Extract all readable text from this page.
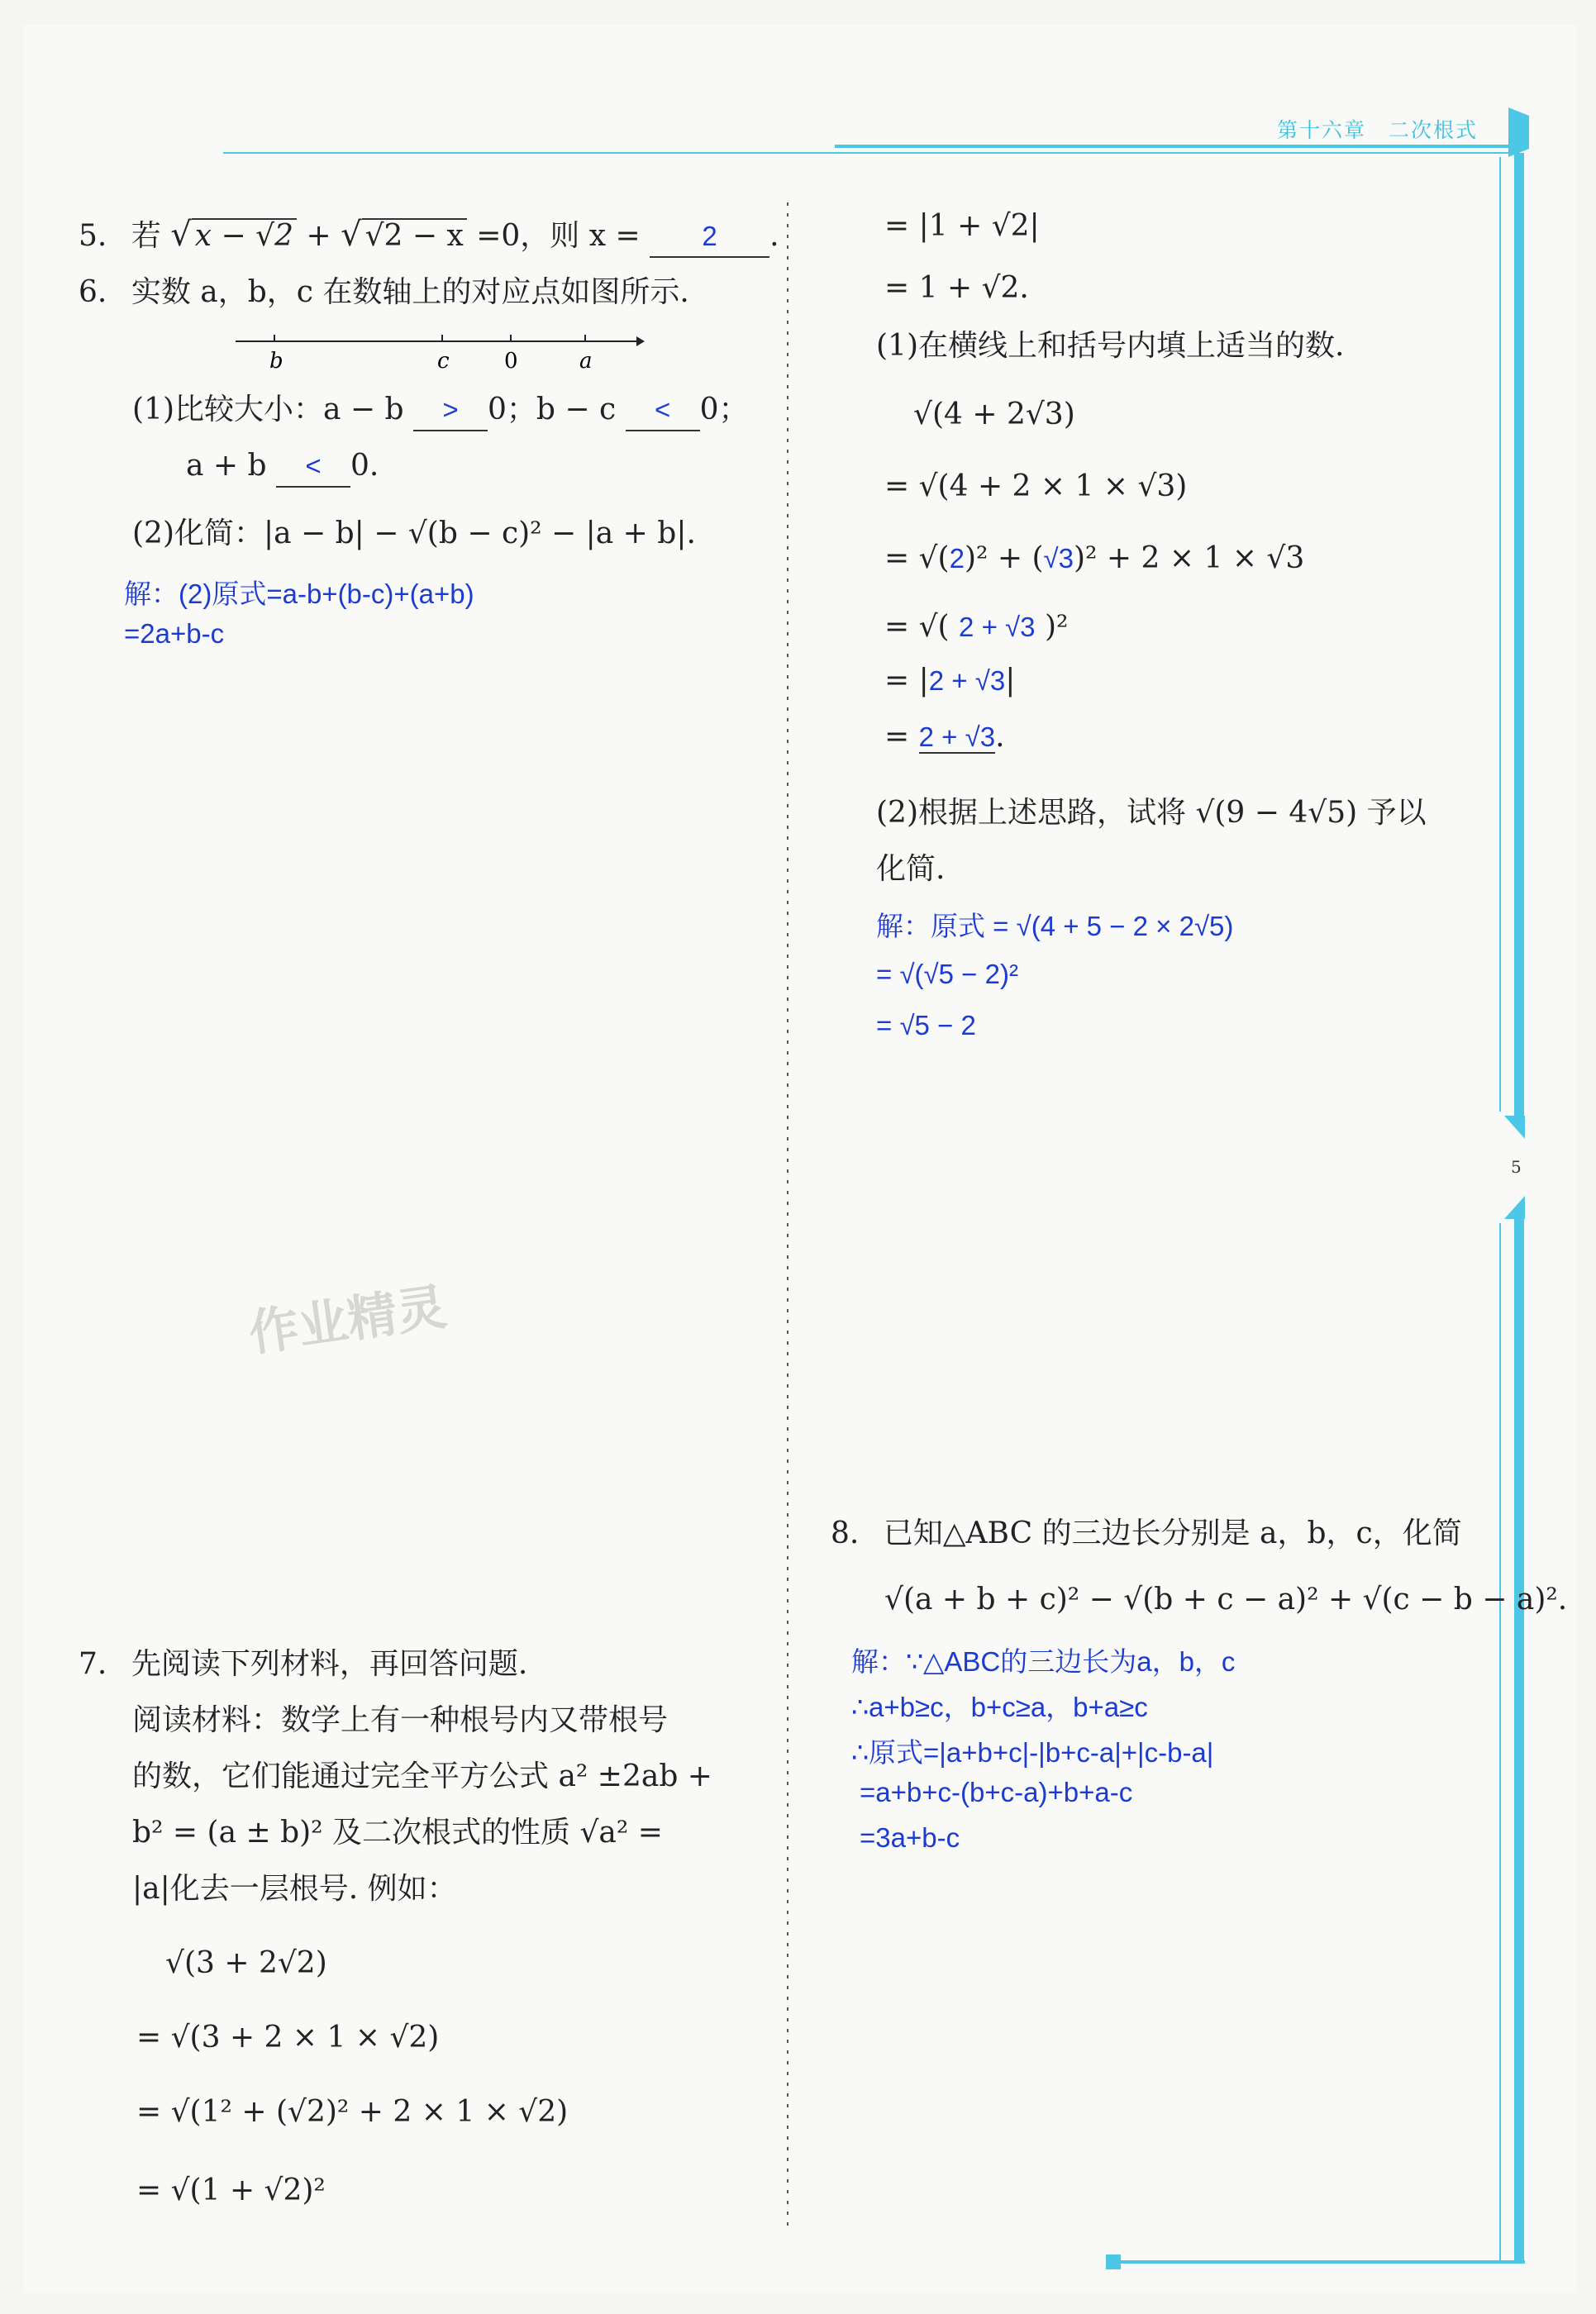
第十六章　二次根式
5
作业精灵
5. 若 √ x − √2 + √ √2 − x =0，则 x = 2 .
6. 实数 a，b，c 在数轴上的对应点如图所示.
b	c	0	a
(1)比较大小：a − b > 0；b − c < 0；
a + b < 0.
(2)化简：|a − b| − √(b − c)² − |a + b|.
解：(2)原式=a-b+(b-c)+(a+b)
=2a+b-c
7. 先阅读下列材料，再回答问题.
阅读材料：数学上有一种根号内又带根号
的数，它们能通过完全平方公式 a² ±2ab +
b² = (a ± b)² 及二次根式的性质 √a² =
|a|化去一层根号. 例如：
√(3 + 2√2)
= √(3 + 2 × 1 × √2)
= √(1² + (√2)² + 2 × 1 × √2)
= √(1 + √2)²
= |1 + √2|
= 1 + √2.
(1)在横线上和括号内填上适当的数.
√(4 + 2√3)
= √(4 + 2 × 1 × √3)
= √(2)² + (√3)² + 2 × 1 × √3
= √( 2 + √3 )²
= |2 + √3|
= 2 + √3.
(2)根据上述思路，试将 √(9 − 4√5) 予以
化简.
解：原式 = √(4 + 5 − 2 × 2√5)
= √(√5 − 2)²
= √5 − 2
8. 已知△ABC 的三边长分别是 a，b，c，化简
√(a + b + c)² − √(b + c − a)² + √(c − b − a)².
解：∵△ABC的三边长为a，b，c
∴a+b≥c，b+c≥a，b+a≥c
∴原式=|a+b+c|-|b+c-a|+|c-b-a|
=a+b+c-(b+c-a)+b+a-c
=3a+b-c
